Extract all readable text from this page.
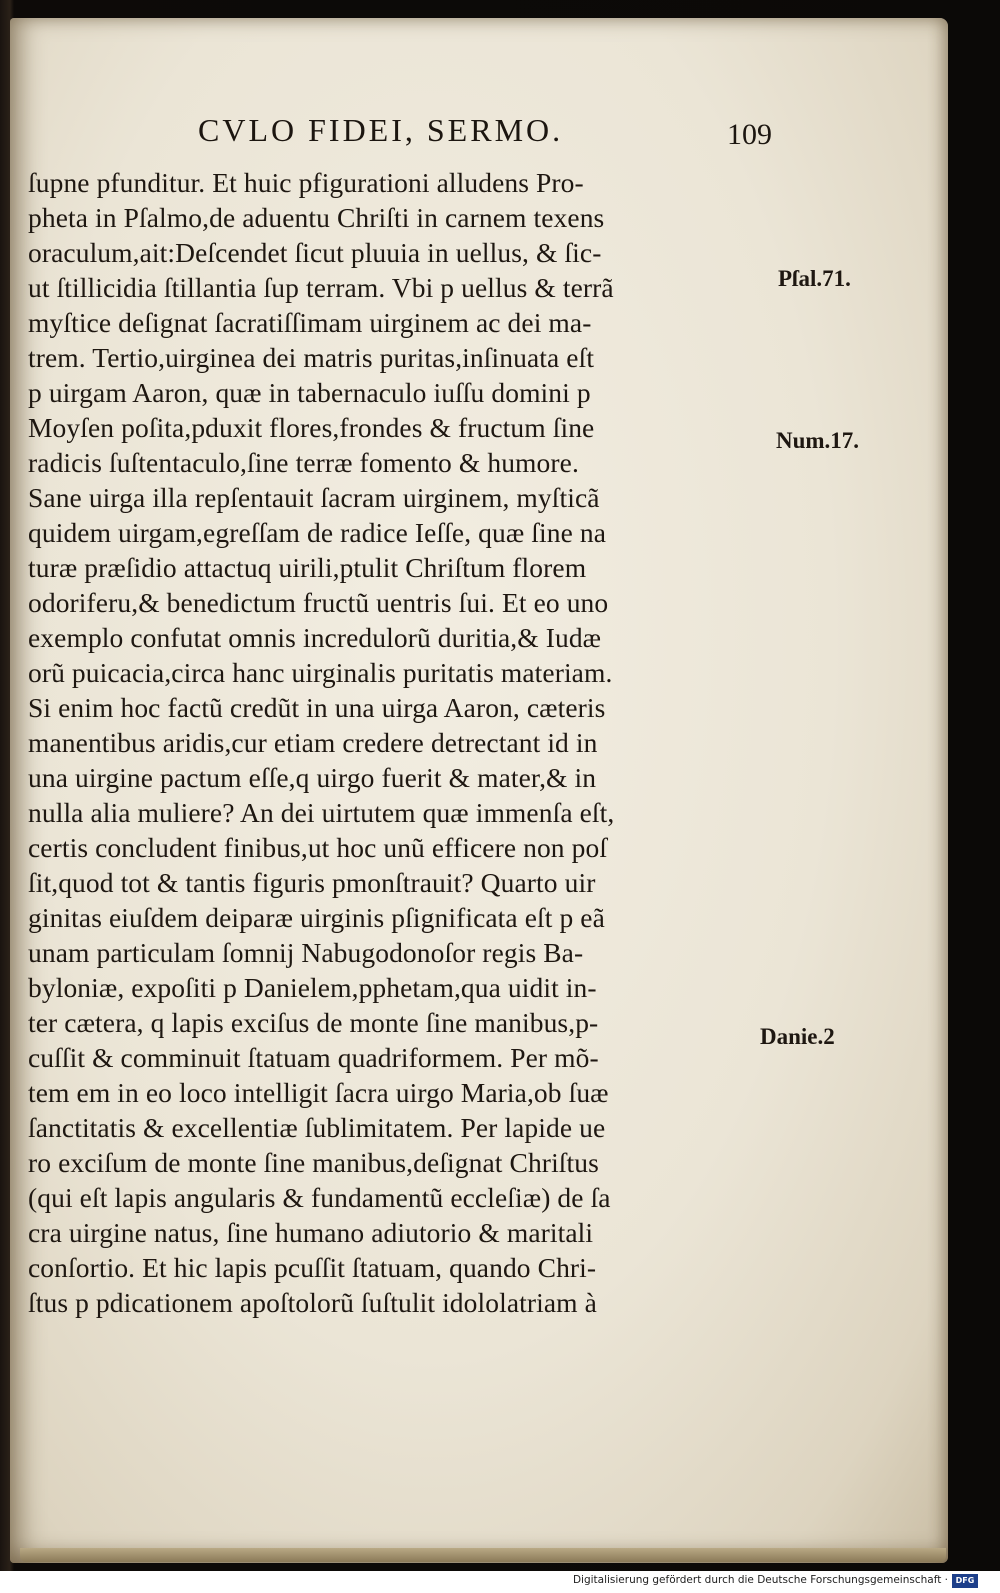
CVLO FIDEI, SERMO.	109
ſupne pfunditur. Et huic pfigurationi alludens Pro-
pheta in Pſalmo,de aduentu Chriſti in carnem texens
oraculum,ait:Deſcendet ſicut pluuia in uellus, & ſic-
ut ſtillicidia ſtillantia ſup terram. Vbi p uellus & terrã
myſtice deſignat ſacratiſſimam uirginem ac dei ma-
trem. Tertio,uirginea dei matris puritas,inſinuata eſt
p uirgam Aaron, quæ in tabernaculo iuſſu domini p
Moyſen poſita,pduxit flores,frondes & fructum ſine
radicis ſuſtentaculo,ſine terræ fomento & humore.
Sane uirga illa repſentauit ſacram uirginem, myſticã
quidem uirgam,egreſſam de radice Ieſſe, quæ ſine na
turæ præſidio attactuq uirili,ptulit Chriſtum florem
odoriferu,& benedictum fructũ uentris ſui. Et eo uno
exemplo confutat omnis incredulorũ duritia,& Iudæ
orũ puicacia,circa hanc uirginalis puritatis materiam.
Si enim hoc factũ credũt in una uirga Aaron, cæteris
manentibus aridis,cur etiam credere detrectant id in
una uirgine pactum eſſe,q uirgo fuerit & mater,& in
nulla alia muliere? An dei uirtutem quæ immenſa eſt,
certis concludent finibus,ut hoc unũ efficere non poſ
ſit,quod tot & tantis figuris pmonſtrauit? Quarto uir
ginitas eiuſdem deiparæ uirginis pſignificata eſt p eã
unam particulam ſomnij Nabugodonoſor regis Ba-
byloniæ, expoſiti p Danielem,pphetam,qua uidit in-
ter cætera, q lapis exciſus de monte ſine manibus,p-
cuſſit & comminuit ſtatuam quadriformem. Per mõ-
tem em in eo loco intelligit ſacra uirgo Maria,ob ſuæ
ſanctitatis & excellentiæ ſublimitatem. Per lapide ue
ro exciſum de monte ſine manibus,deſignat Chriſtus
(qui eſt lapis angularis & fundamentũ eccleſiæ) de ſa
cra uirgine natus, ſine humano adiutorio & maritali
conſortio. Et hic lapis pcuſſit ſtatuam, quando Chri-
ſtus p pdicationem apoſtolorũ ſuſtulit idololatriam à
Pſal.71.
Num.17.
Danie.2
Digitalisierung gefördert durch die Deutsche Forschungsgemeinschaft · DFG
